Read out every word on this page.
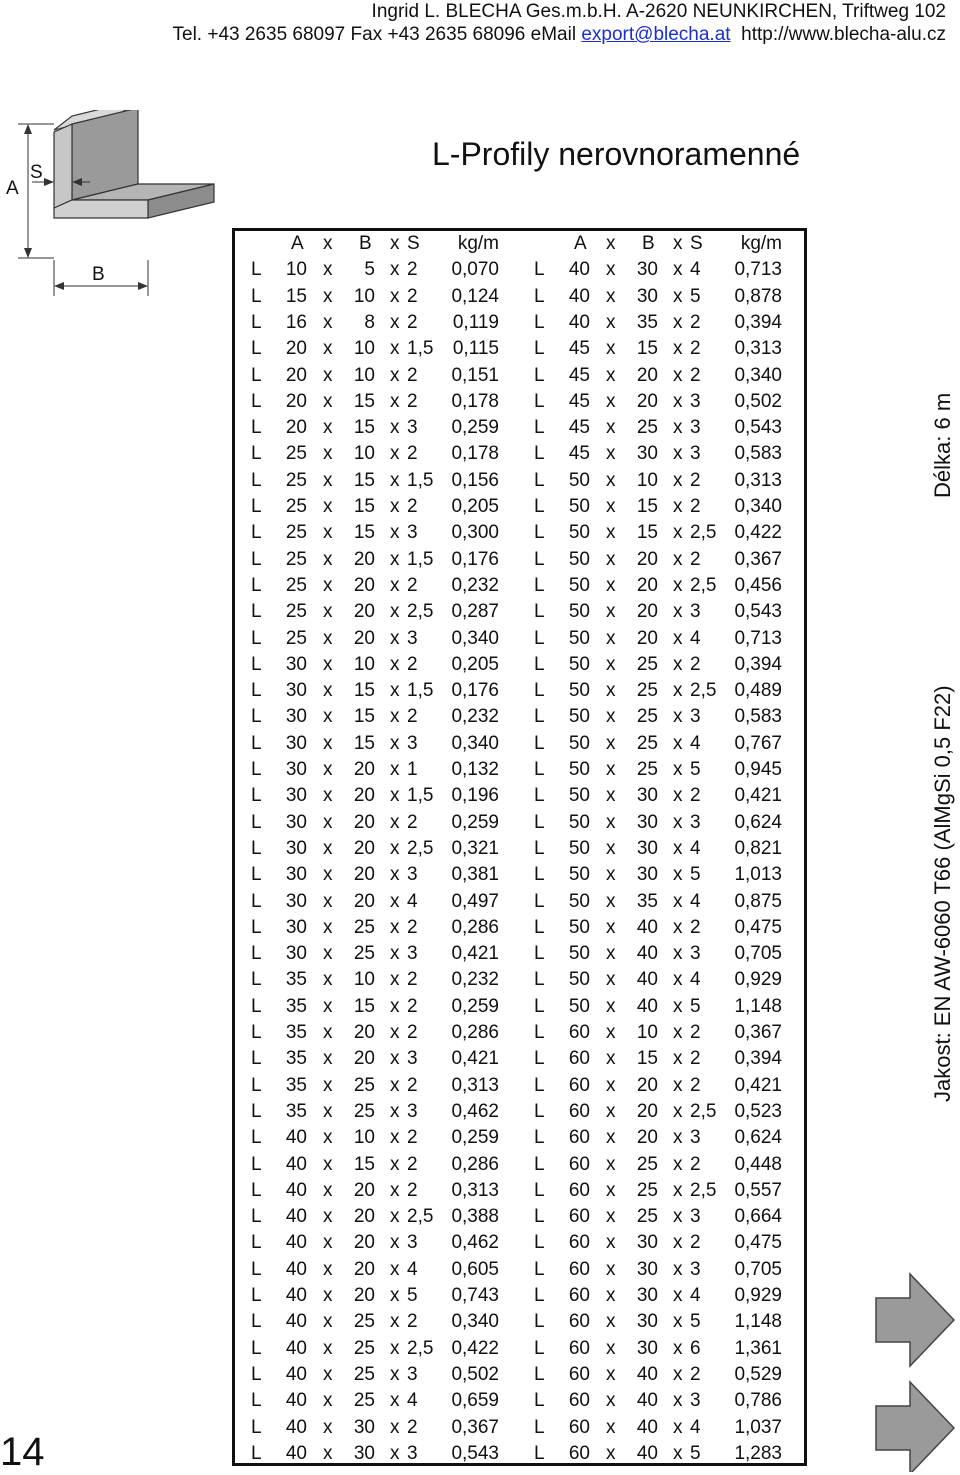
Ingrid L. BLECHA Ges.m.b.H. A-2620 NEUNKIRCHEN, Triftweg 102
Tel. +43 2635 68097 Fax +43 2635 68096 eMail export@blecha.at http://www.blecha-alu.cz
A
S
B
L-Profily nerovnoramenné
A x B x S	kg/m	A x B x S	kg/m
L	10 x	5 x 2 0,070
L	15 x	10 x 2 0,124
L	16 x	8 x 2	0,119
L	20 x	10 x 1,5	0,115
L	20 x	10 x 2 0,151
L	20 x	15 x 2 0,178
L	20 x	15 x 3 0,259
L	25 x	10 x 2 0,178
L	25 x	15 x 1,5 0,156
L	25 x	15 x 2 0,205
L	25 x	15 x 3 0,300
L	25 x	20 x 1,5 0,176
L	25 x	20 x 2 0,232
L	25 x	20 x 2,5 0,287
L	25 x	20 x 3 0,340
L	30 x	10 x 2 0,205
L	30 x	15 x 1,5 0,176
L	30 x	15 x 2 0,232
L	30 x	15 x 3 0,340
L	30 x	20 x 1 0,132
L	30 x	20 x 1,5 0,196
L	30 x	20 x 2 0,259
L	30 x	20 x 2,5 0,321
L	30 x	20 x 3 0,381
L	30 x	20 x 4 0,497
L	30 x	25 x 2 0,286
L	30 x	25 x 3 0,421
L	35 x	10 x 2 0,232
L	35 x	15 x 2 0,259
L	35 x	20 x 2 0,286
L	35 x	20 x 3 0,421
L	35 x	25 x 2 0,313
L	35 x	25 x 3 0,462
L	40 x	10 x 2 0,259
L	40 x	15 x 2 0,286
L	40 x	20 x 2 0,313
L	40 x	20 x 2,5 0,388
L	40 x	20 x 3 0,462
L	40 x	20 x 4 0,605
L	40 x	20 x 5 0,743
L	40 x	25 x 2 0,340
L	40 x	25 x 2,5 0,422
L	40 x	25 x 3 0,502
L	40 x	25 x 4 0,659
L	40 x	30 x 2 0,367
L	40 x	30 x 3 0,543
L	40 x	30 x 4 0,713
L	40 x	30 x 5 0,878
L	40 x	35 x 2 0,394
L	45 x	15 x 2 0,313
L	45 x	20 x 2 0,340
L	45 x	20 x 3 0,502
L	45 x	25 x 3 0,543
L	45 x	30 x 3 0,583
L	50 x	10 x 2 0,313
L	50 x	15 x 2 0,340
L	50 x	15 x 2,5 0,422
L	50 x	20 x 2 0,367
L	50 x	20 x 2,5 0,456
L	50 x	20 x 3 0,543
L	50 x	20 x 4 0,713
L	50 x	25 x 2 0,394
L	50 x	25 x 2,5 0,489
L	50 x	25 x 3 0,583
L	50 x	25 x 4 0,767
L	50 x	25 x 5 0,945
L	50 x	30 x 2 0,421
L	50 x	30 x 3 0,624
L	50 x	30 x 4 0,821
L	50 x	30 x 5 1,013
L	50 x	35 x 4 0,875
L	50 x	40 x 2 0,475
L	50 x	40 x 3 0,705
L	50 x	40 x 4 0,929
L	50 x	40 x 5 1,148
L	60 x	10 x 2 0,367
L	60 x	15 x 2 0,394
L	60 x	20 x 2 0,421
L	60 x	20 x 2,5 0,523
L	60 x	20 x 3 0,624
L	60 x	25 x 2 0,448
L	60 x	25 x 2,5 0,557
L	60 x	25 x 3 0,664
L	60 x	30 x 2 0,475
L	60 x	30 x 3 0,705
L	60 x	30 x 4 0,929
L	60 x	30 x 5 1,148
L	60 x	30 x 6 1,361
L	60 x	40 x 2 0,529
L	60 x	40 x 3 0,786
L	60 x	40 x 4 1,037
L	60 x	40 x 5 1,283
Délka: 6 m
Jakost: EN AW-6060 T66 (AlMgSi 0,5 F22)
14
